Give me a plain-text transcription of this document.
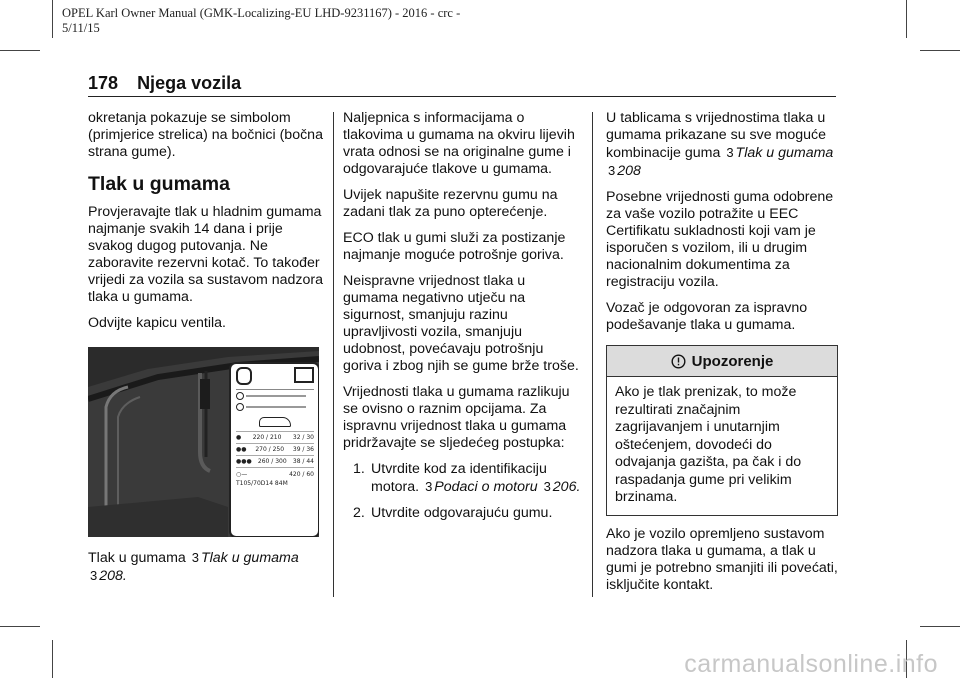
OPEL Karl Owner Manual (GMK-Localizing-EU LHD-9231167) - 2016 - crc -
5/11/15
178 Njega vozila

okretanja pokazuje se simbolom (primjerice strelica) na bočnici (bočna strana gume).

Tlak u gumama

Provjeravajte tlak u hladnim gumama najmanje svakih 14 dana i prije svakog dugog putovanja. Ne zaboravite rezervni kotač. To također vrijedi za vozila sa sustavom nadzora tlaka u gumama.

Odvijte kapicu ventila.

● 220 / 210 32 / 30
●● 270 / 250 39 / 36
●●● 260 / 300 38 / 44
○—	420 / 60
T105/70D14 84M

Tlak u gumama 3 Tlak u gumama
3 208.

Naljepnica s informacijama o tlakovima u gumama na okviru lijevih vrata odnosi se na originalne gume i odgovarajuće tlakove u gumama.

Uvijek napušite rezervnu gumu na zadani tlak za puno opterećenje.

ECO tlak u gumi služi za postizanje najmanje moguće potrošnje goriva.

Neispravne vrijednost tlaka u gumama negativno utječu na sigurnost, smanjuju razinu upravljivosti vozila, smanjuju udobnost, povećavaju potrošnju goriva i zbog njih se gume brže troše.

Vrijednosti tlaka u gumama razlikuju se ovisno o raznim opcijama. Za ispravnu vrijednost tlaka u gumama pridržavajte se sljedećeg postupka:

1. Utvrdite kod za identifikaciju motora. 3 Podaci o motoru 3 206.
2. Utvrdite odgovarajuću gumu.

U tablicama s vrijednostima tlaka u gumama prikazane su sve moguće kombinacije guma 3 Tlak u gumama 3 208

Posebne vrijednosti guma odobrene za vaše vozilo potražite u EEC Certifikatu sukladnosti koji vam je isporučen s vozilom, ili u drugim nacionalnim dokumentima za registraciju vozila.

Vozač je odgovoran za ispravno podešavanje tlaka u gumama.

Upozorenje
Ako je tlak prenizak, to može rezultirati značajnim zagrijavanjem i unutarnjim oštećenjem, dovodeći do odvajanja gazišta, pa čak i do raspadanja gume pri velikim brzinama.

Ako je vozilo opremljeno sustavom nadzora tlaka u gumama, a tlak u gumi je potrebno smanjiti ili povećati, isključite kontakt.

carmanualsonline.info
